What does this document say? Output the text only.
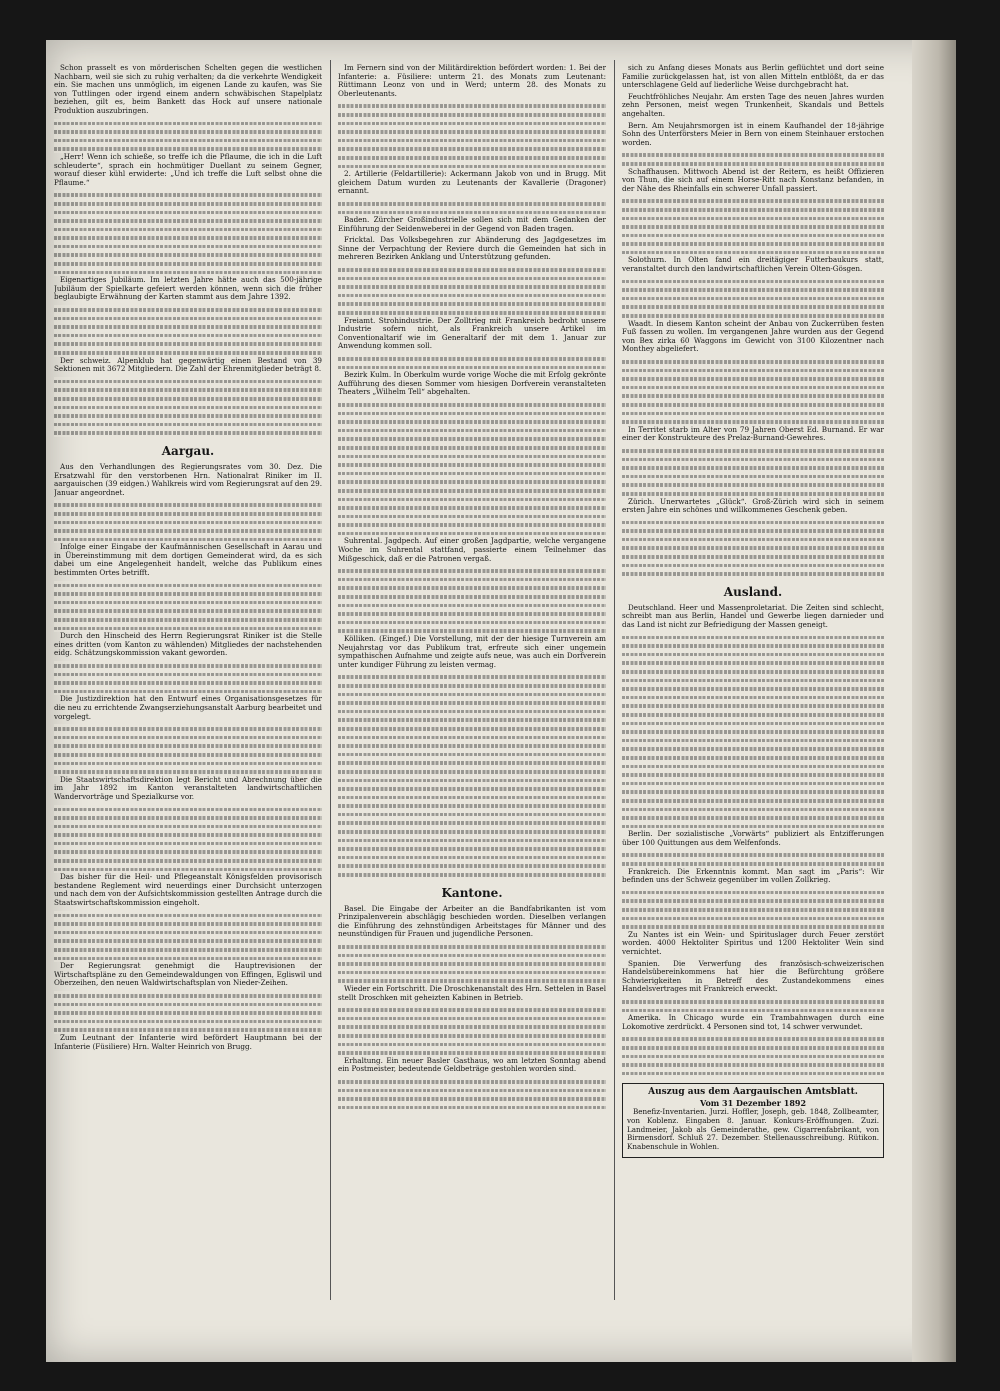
Schon prasselt es von mörderischen Schelten gegen die westlichen Nachbarn, weil sie sich zu ruhig verhalten; da die verkehrte Wendigkeit ein. Sie machen uns unmöglich, im eigenen Lande zu kaufen, was Sie von Tuttlingen oder irgend einem andern schwäbischen Stapelplatz beziehen, gilt es, beim Bankett das Hock auf unsere nationale Produktion auszubringen.

„Herr! Wenn ich schieße, so treffe ich die Pflaume, die ich in die Luft schleuderte“, sprach ein hochmütiger Duellant zu seinem Gegner, worauf dieser kühl erwiderte: „Und ich treffe die Luft selbst ohne die Pflaume.“

Eigenartiges Jubiläum. Im letzten Jahre hätte auch das 500-jährige Jubiläum der Spielkarte gefeiert werden können, wenn sich die früher beglaubigte Erwähnung der Karten stammt aus dem Jahre 1392.

Der schweiz. Alpenklub hat gegenwärtig einen Bestand von 39 Sektionen mit 3672 Mitgliedern. Die Zahl der Ehrenmitglieder beträgt 8.

Aargau.

Aus den Verhandlungen des Regierungsrates vom 30. Dez. Die Ersatzwahl für den verstorbenen Hrn. Nationalrat Riniker im II. aargauischen (39 eidgen.) Wahlkreis wird vom Regierungsrat auf den 29. Januar angeordnet.

Infolge einer Eingabe der Kaufmännischen Gesellschaft in Aarau und in Übereinstimmung mit dem dortigen Gemeinderat wird, da es sich dabei um eine Angelegenheit handelt, welche das Publikum eines bestimmten Ortes betrifft.

Durch den Hinscheid des Herrn Regierungsrat Riniker ist die Stelle eines dritten (vom Kanton zu wählenden) Mitgliedes der nachstehenden eidg. Schätzungskommission vakant geworden.

Die Justizdirektion hat den Entwurf eines Organisationsgesetzes für die neu zu errichtende Zwangserziehungsanstalt Aarburg bearbeitet und vorgelegt.

Die Staatswirtschaftsdirektion legt Bericht und Abrechnung über die im Jahr 1892 im Kanton veranstalteten landwirtschaftlichen Wandervorträge und Spezialkurse vor.

Das bisher für die Heil- und Pflegeanstalt Königsfelden provisorisch bestandene Reglement wird neuerdings einer Durchsicht unterzogen und nach dem von der Aufsichtskommission gestellten Antrage durch die Staatswirtschaftskommission eingeholt.

Der Regierungsrat genehmigt die Hauptrevisionen der Wirtschaftspläne zu den Gemeindewaldungen von Effingen, Egliswil und Oberzeihen, den neuen Waldwirtschaftsplan von Nieder-Zeihen.

Zum Leutnant der Infanterie wird befördert Hauptmann bei der Infanterie (Füsiliere) Hrn. Walter Heinrich von Brugg.

Im Fernern sind von der Militärdirektion befördert worden: 1. Bei der Infanterie: a. Füsiliere: unterm 21. des Monats zum Leutenant: Rüttimann Leonz von und in Werd; unterm 28. des Monats zu Oberleutenants.

2. Artillerie (Feldartillerie): Ackermann Jakob von und in Brugg. Mit gleichem Datum wurden zu Leutenants der Kavallerie (Dragoner) ernannt.

Baden. Zürcher Großindustrielle sollen sich mit dem Gedanken der Einführung der Seidenweberei in der Gegend von Baden tragen.

Fricktal. Das Volksbegehren zur Abänderung des Jagdgesetzes im Sinne der Verpachtung der Reviere durch die Gemeinden hat sich in mehreren Bezirken Anklang und Unterstützung gefunden.

Freiamt. Strohindustrie. Der Zolltrieg mit Frankreich bedroht unsere Industrie sofern nicht, als Frankreich unsere Artikel im Conventionaltarif wie im Generaltarif der mit dem 1. Januar zur Anwendung kommen soll.

Bezirk Kulm. In Oberkulm wurde vorige Woche die mit Erfolg gekrönte Aufführung des diesen Sommer vom hiesigen Dorfverein veranstalteten Theaters „Wilhelm Tell“ abgehalten.

Suhrental. Jagdpech. Auf einer großen Jagdpartie, welche vergangene Woche im Suhrental stattfand, passierte einem Teilnehmer das Mißgeschick, daß er die Patronen vergaß.

Kölliken. (Eingef.) Die Vorstellung, mit der der hiesige Turnverein am Neujahrstag vor das Publikum trat, erfreute sich einer ungemein sympathischen Aufnahme und zeigte aufs neue, was auch ein Dorfverein unter kundiger Führung zu leisten vermag.

Kantone.

Basel. Die Eingabe der Arbeiter an die Bandfabrikanten ist vom Prinzipalenverein abschlägig beschieden worden. Dieselben verlangen die Einführung des zehnstündigen Arbeitstages für Männer und des neunstündigen für Frauen und jugendliche Personen.

Wieder ein Fortschritt. Die Droschkenanstalt des Hrn. Settelen in Basel stellt Droschken mit geheizten Kabinen in Betrieb.

Erhaltung. Ein neuer Basler Gasthaus, wo am letzten Sonntag abend ein Postmeister, bedeutende Geldbeträge gestohlen worden sind.

sich zu Anfang dieses Monats aus Berlin geflüchtet und dort seine Familie zurückgelassen hat, ist von allen Mitteln entblößt, da er das unterschlagene Geld auf liederliche Weise durchgebracht hat.

Feuchtfröhliches Neujahr. Am ersten Tage des neuen Jahres wurden zehn Personen, meist wegen Trunkenheit, Skandals und Bettels angehalten.

Bern. Am Neujahrsmorgen ist in einem Kaufhandel der 18-jährige Sohn des Unterförsters Meier in Bern von einem Steinhauer erstochen worden.

Schaffhausen. Mittwoch Abend ist der Reitern, es heißt Offizieren von Thun, die sich auf einem Horse-Ritt nach Konstanz befanden, in der Nähe des Rheinfalls ein schwerer Unfall passiert.

Solothurn. In Olten fand ein dreitägiger Futterbaukurs statt, veranstaltet durch den landwirtschaftlichen Verein Olten-Gösgen.

Waadt. In diesem Kanton scheint der Anbau von Zuckerrüben festen Fuß fassen zu wollen. Im vergangenen Jahre wurden aus der Gegend von Bex zirka 60 Waggons im Gewicht von 3100 Kilozentner nach Monthey abgeliefert.

In Territet starb im Alter von 79 Jahren Oberst Ed. Burnand. Er war einer der Konstrukteure des Prelaz-Burnand-Gewehres.

Zürich. Unerwartetes „Glück“. Groß-Zürich wird sich in seinem ersten Jahre ein schönes und willkommenes Geschenk geben.

Ausland.

Deutschland. Heer und Massenproletariat. Die Zeiten sind schlecht, schreibt man aus Berlin, Handel und Gewerbe liegen darnieder und das Land ist nicht zur Befriedigung der Massen geneigt.

Berlin. Der sozialistische „Vorwärts“ publiziert als Entzifferungen über 100 Quittungen aus dem Welfenfonds.

Frankreich. Die Erkenntnis kommt. Man sagt im „Paris“: Wir befinden uns der Schweiz gegenüber im vollen Zollkrieg.

Zu Nantes ist ein Wein- und Spirituslager durch Feuer zerstört worden. 4000 Hektoliter Spiritus und 1200 Hektoliter Wein sind vernichtet.

Spanien. Die Verwerfung des französisch-schweizerischen Handelsübereinkommens hat hier die Befürchtung größere Schwierigkeiten in Betreff des Zustandekommens eines Handelsvertrages mit Frankreich erweckt.

Amerika. In Chicago wurde ein Trambahnwagen durch eine Lokomotive zerdrückt. 4 Personen sind tot, 14 schwer verwundet.

Auszug aus dem Aargauischen Amtsblatt.
Vom 31 Dezember 1892

Benefiz-Inventarien. Jurzi. Hoffler, Joseph, geb. 1848, Zollbeamter, von Koblenz. Eingaben 8. Januar. Konkurs-Eröffnungen. Zuzi. Landmeier, Jakob als Gemeinderathe, gew. Cigarrenfabrikant, von Birmensdorf. Schluß 27. Dezember. Stellenausschreibung. Rütikon. Knabenschule in Wohlen.
